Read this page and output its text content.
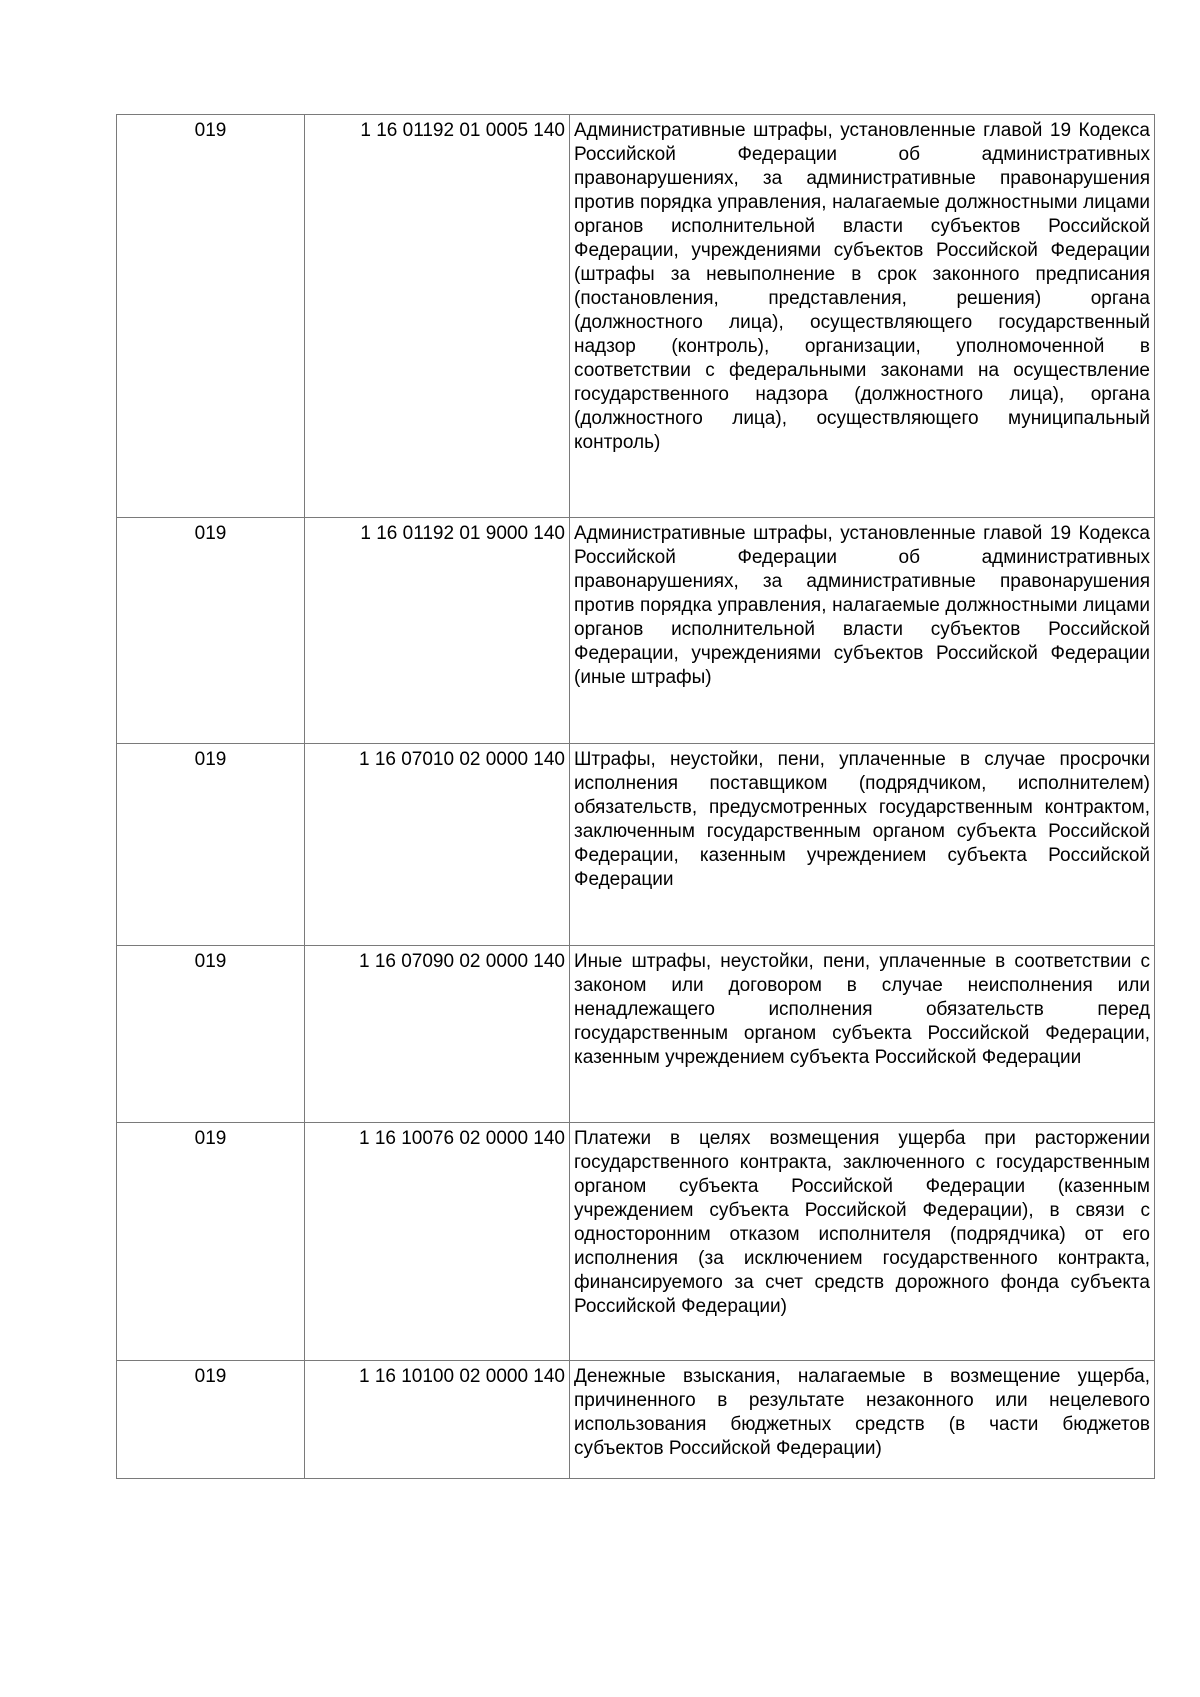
019	1 16 01192 01 0005 140	Административные штрафы, установленные главой 19 Кодекса Российской Федерации об административных правонарушениях, за административные правонарушения против порядка управления, налагаемые должностными лицами органов исполнительной власти субъектов Российской Федерации, учреждениями субъектов Российской Федерации (штрафы за невыполнение в срок законного предписания (постановления, представления, решения) органа (должностного лица), осуществляющего государственный надзор (контроль), организации, уполномоченной в соответствии с федеральными законами на осуществление государственного надзора (должностного лица), органа (должностного лица), осуществляющего муниципальный контроль)

019	1 16 01192 01 9000 140	Административные штрафы, установленные главой 19 Кодекса Российской Федерации об административных правонарушениях, за административные правонарушения против порядка управления, налагаемые должностными лицами органов исполнительной власти субъектов Российской Федерации, учреждениями субъектов Российской Федерации (иные штрафы)

019	1 16 07010 02 0000 140	Штрафы, неустойки, пени, уплаченные в случае просрочки исполнения поставщиком (подрядчиком, исполнителем) обязательств, предусмотренных государственным контрактом, заключенным государственным органом субъекта Российской Федерации, казенным учреждением субъекта Российской Федерации

019	1 16 07090 02 0000 140	Иные штрафы, неустойки, пени, уплаченные в соответствии с законом или договором в случае неисполнения или ненадлежащего исполнения обязательств перед государственным органом субъекта Российской Федерации, казенным учреждением субъекта Российской Федерации

019	1 16 10076 02 0000 140	Платежи в целях возмещения ущерба при расторжении государственного контракта, заключенного с государственным органом субъекта Российской Федерации (казенным учреждением субъекта Российской Федерации), в связи с односторонним отказом исполнителя (подрядчика) от его исполнения (за исключением государственного контракта, финансируемого за счет средств дорожного фонда субъекта Российской Федерации)

019	1 16 10100 02 0000 140	Денежные взыскания, налагаемые в возмещение ущерба, причиненного в результате незаконного или нецелевого использования бюджетных средств (в части бюджетов субъектов Российской Федерации)
